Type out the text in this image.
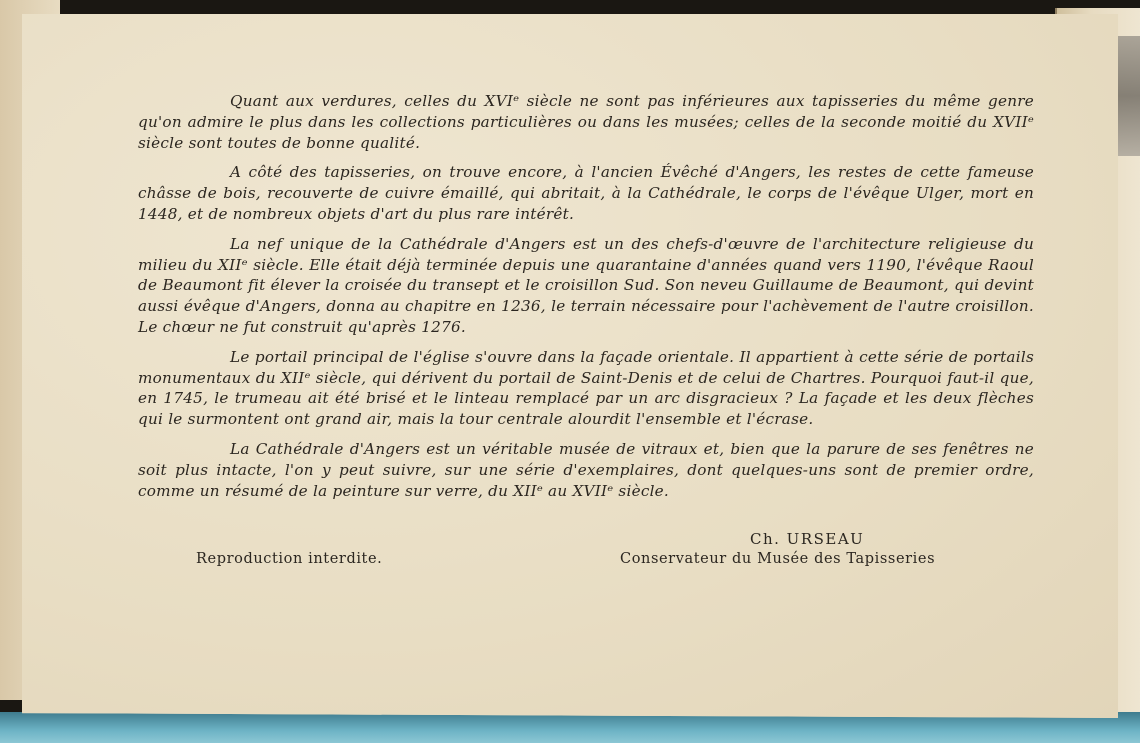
Quant aux verdures, celles du XVIᵉ siècle ne sont pas inférieures aux tapisseries du même genre qu'on admire le plus dans les collections particulières ou dans les musées; celles de la seconde moitié du XVIIᵉ siècle sont toutes de bonne qualité.

A côté des tapisseries, on trouve encore, à l'ancien Évêché d'Angers, les restes de cette fameuse châsse de bois, recouverte de cuivre émaillé, qui abritait, à la Cathédrale, le corps de l'évêque Ulger, mort en 1448, et de nombreux objets d'art du plus rare intérêt.

La nef unique de la Cathédrale d'Angers est un des chefs-d'œuvre de l'architecture religieuse du milieu du XIIᵉ siècle. Elle était déjà terminée depuis une quarantaine d'années quand vers 1190, l'évêque Raoul de Beaumont fit élever la croisée du transept et le croisillon Sud. Son neveu Guillaume de Beaumont, qui devint aussi évêque d'Angers, donna au chapitre en 1236, le terrain nécessaire pour l'achèvement de l'autre croisillon. Le chœur ne fut construit qu'après 1276.

Le portail principal de l'église s'ouvre dans la façade orientale. Il appartient à cette série de portails monumentaux du XIIᵉ siècle, qui dérivent du portail de Saint-Denis et de celui de Chartres. Pourquoi faut-il que, en 1745, le trumeau ait été brisé et le linteau remplacé par un arc disgracieux ? La façade et les deux flèches qui le surmontent ont grand air, mais la tour centrale alourdit l'ensemble et l'écrase.

La Cathédrale d'Angers est un véritable musée de vitraux et, bien que la parure de ses fenêtres ne soit plus intacte, l'on y peut suivre, sur une série d'exemplaires, dont quelques-uns sont de premier ordre, comme un résumé de la peinture sur verre, du XIIᵉ au XVIIᵉ siècle.

Ch. URSEAU
Conservateur du Musée des Tapisseries
Reproduction interdite.
